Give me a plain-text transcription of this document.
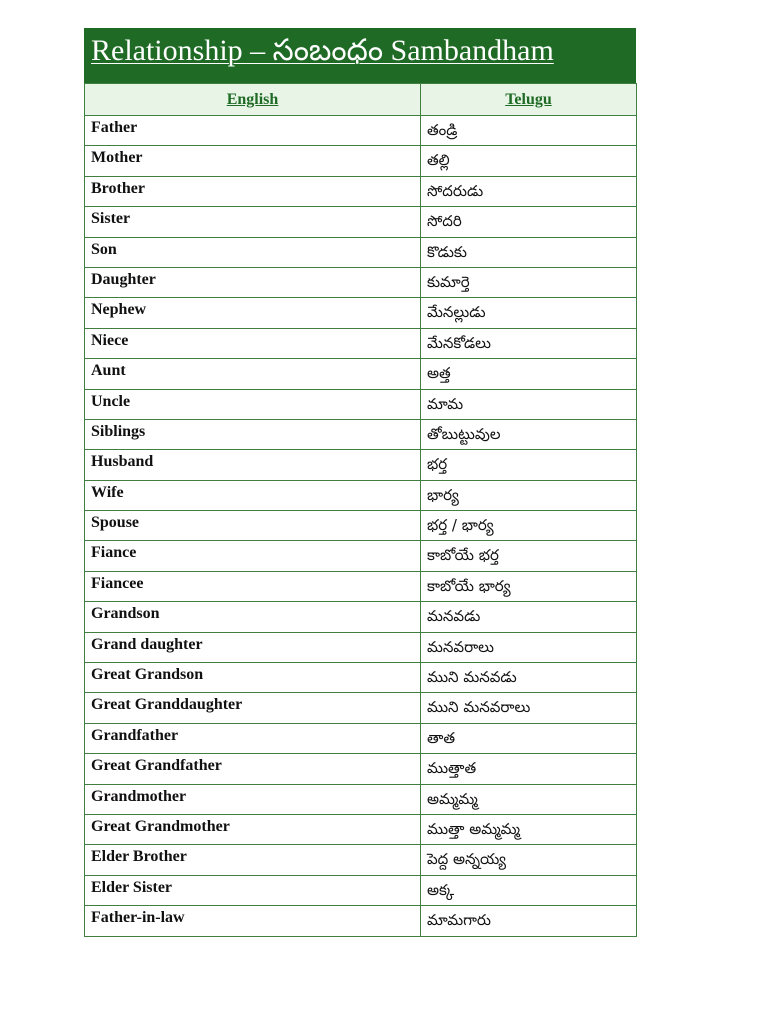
Relationship – సంబంధం Sambandham
English	Telugu
Father	తండ్రి
Mother	తల్లి
Brother	సోదరుడు
Sister	సోదరి
Son	కొడుకు
Daughter	కుమార్తె
Nephew	మేనల్లుడు
Niece	మేనకోడలు
Aunt	అత్త
Uncle	మామ
Siblings	తోబుట్టువుల
Husband	భర్త
Wife	భార్య
Spouse	భర్త / భార్య
Fiance	కాబోయే భర్త
Fiancee	కాబోయే భార్య
Grandson	మనవడు
Grand daughter	మనవరాలు
Great Grandson	ముని మనవడు
Great Granddaughter	ముని మనవరాలు
Grandfather	తాత
Great Grandfather	ముత్తాత
Grandmother	అమ్మమ్మ
Great Grandmother	ముత్తా అమ్మమ్మ
Elder Brother	పెద్ద అన్నయ్య
Elder Sister	అక్క
Father-in-law	మామగారు
